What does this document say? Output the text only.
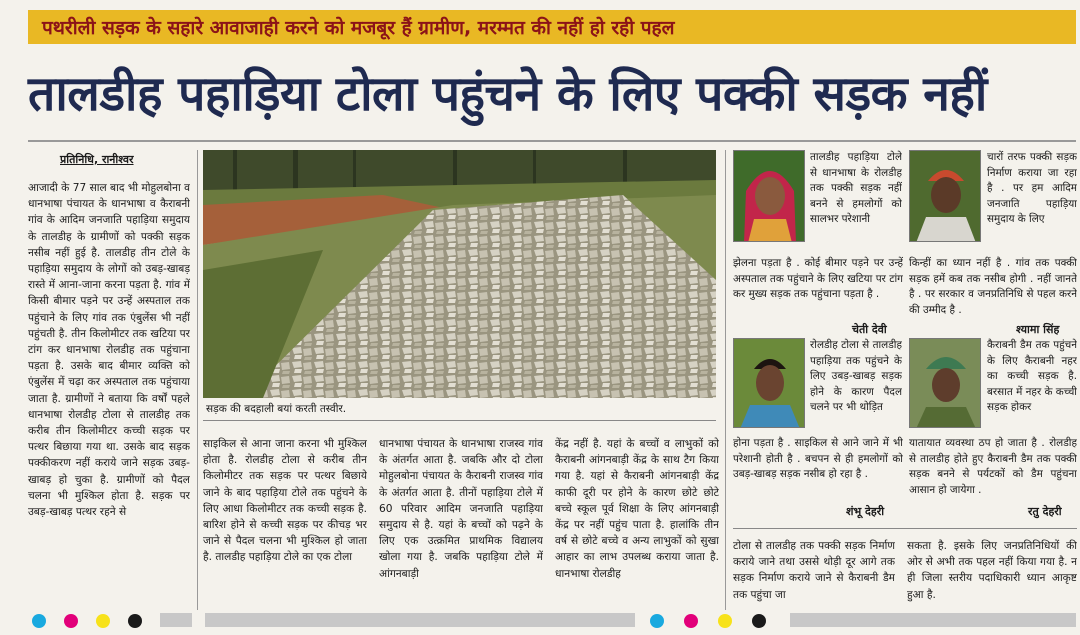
पथरीली सड़क के सहारे आवाजाही करने को मजबूर हैं ग्रामीण, मरम्मत की नहीं हो रही पहल
तालडीह पहाड़िया टोला पहुंचने के लिए पक्की सड़क नहीं
प्रतिनिधि, रानीश्वर

आजादी के 77 साल बाद भी मोहुलबोना व धानभाषा पंचायत के धानभाषा व कैराबनी गांव के आदिम जनजाति पहाड़िया समुदाय के तालडीह के ग्रामीणों को पक्की सड़क नसीब नहीं हुई है. तालडीह तीन टोले के पहाड़िया समुदाय के लोगों को उबड़-खाबड़ रास्ते में आना-जाना करना पड़ता है. गांव में किसी बीमार पड़ने पर उन्हें अस्पताल तक पहुंचाने के लिए गांव तक एंबुलेंस भी नहीं पहुंचती है. तीन किलोमीटर तक खटिया पर टांग कर धानभाषा रोलडीह तक पहुंचाना पड़ता है. उसके बाद बीमार व्यक्ति को एंबुलेंस में चढ़ा कर अस्पताल तक पहुंचाया जाता है. ग्रामीणों ने बताया कि वर्षों पहले धानभाषा रोलडीह टोला से तालडीह तक करीब तीन किलोमीटर कच्ची सड़क पर पत्थर बिछाया गया था. उसके बाद सड़क पक्कीकरण नहीं कराये जाने सड़क उबड़-खाबड़ हो चुका है. ग्रामीणों को पैदल चलना भी मुश्किल होता है. सड़क पर उबड़-खाबड़ पत्थर रहने से

सड़क की बदहाली बयां करती तस्वीर.

साइकिल से आना जाना करना भी मुश्किल होता है. रोलडीह टोला से करीब तीन किलोमीटर तक सड़क पर पत्थर बिछाये जाने के बाद पहाड़िया टोले तक पहुंचने के लिए आधा किलोमीटर तक कच्ची सड़क है. बारिश होने से कच्ची सड़क पर कीचड़ भर जाने से पैदल चलना भी मुश्किल हो जाता है. तालडीह पहाड़िया टोले का एक टोला

धानभाषा पंचायत के धानभाषा राजस्व गांव के अंतर्गत आता है. जबकि और दो टोला मोहुलबोना पंचायत के कैराबनी राजस्व गांव के अंतर्गत आता है. तीनों पहाड़िया टोले में 60 परिवार आदिम जनजाति पहाड़िया समुदाय से है. यहां के बच्चों को पढ़ने के लिए एक उत्क्रमित प्राथमिक विद्यालय खोला गया है. जबकि पहाड़िया टोले में आंगनबाड़ी

केंद्र नहीं है. यहां के बच्चों व लाभुकों को कैराबनी आंगनबाड़ी केंद्र के साथ टैग किया गया है. यहां से कैराबनी आंगनबाड़ी केंद्र काफी दूरी पर होने के कारण छोटे छोटे बच्चे स्कूल पूर्व शिक्षा के लिए आंगनबाड़ी केंद्र पर नहीं पहुंच पाता है. हालांकि तीन वर्ष से छोटे बच्चे व अन्य लाभुकों को सुखा आहार का लाभ उपलब्ध कराया जाता है. धानभाषा रोलडीह

तालडीह पहाड़िया टोले से धानभाषा के रोलडीह तक पक्की सड़क नहीं बनने से हमलोगों को सालभर परेशानी

झेलना पड़ता है . कोई बीमार पड़ने पर उन्हें अस्पताल तक पहुंचाने के लिए खटिया पर टांग कर मुख्य सड़क तक पहुंचाना पड़ता है .

चेती देवी

चारों तरफ पक्की सड़क निर्माण कराया जा रहा है . पर हम आदिम जनजाति पहाड़िया समुदाय के लिए

किन्हीं का ध्यान नहीं है . गांव तक पक्की सड़क हमें कब तक नसीब होगी . नहीं जानते है . पर सरकार व जनप्रतिनिधि से पहल करने की उम्मीद है .

श्यामा सिंह

रोलडीह टोला से तालडीह पहाड़िया तक पहुंचने के लिए उबड़-खाबड़ सड़क होने के कारण पैदल चलने पर भी थोड़ित

होना पड़ता है . साइकिल से आने जाने में भी परेशानी होती है . बचपन से ही हमलोगों को उबड़-खाबड़ सड़क नसीब हो रहा है .

शंभू देहरी

कैराबनी डैम तक पहुंचने के लिए कैराबनी नहर का कच्ची सड़क है. बरसात में नहर के कच्ची सड़क होकर

यातायात व्यवस्था ठप हो जाता है . रोलडीह से तालडीह होते हुए कैराबनी डैम तक पक्की सड़क बनने से पर्यटकों को डैम पहुंचना आसान हो जायेगा .

रतु देहरी

टोला से तालडीह तक पक्की सड़क निर्माण कराये जाने तथा उससे थोड़ी दूर आगे तक सड़क निर्माण कराये जाने से कैराबनी डैम तक पहुंचा जा

सकता है. इसके लिए जनप्रतिनिधियों की ओर से अभी तक पहल नहीं किया गया है. न ही जिला स्तरीय पदाधिकारी ध्यान आकृष्ट हुआ है.
